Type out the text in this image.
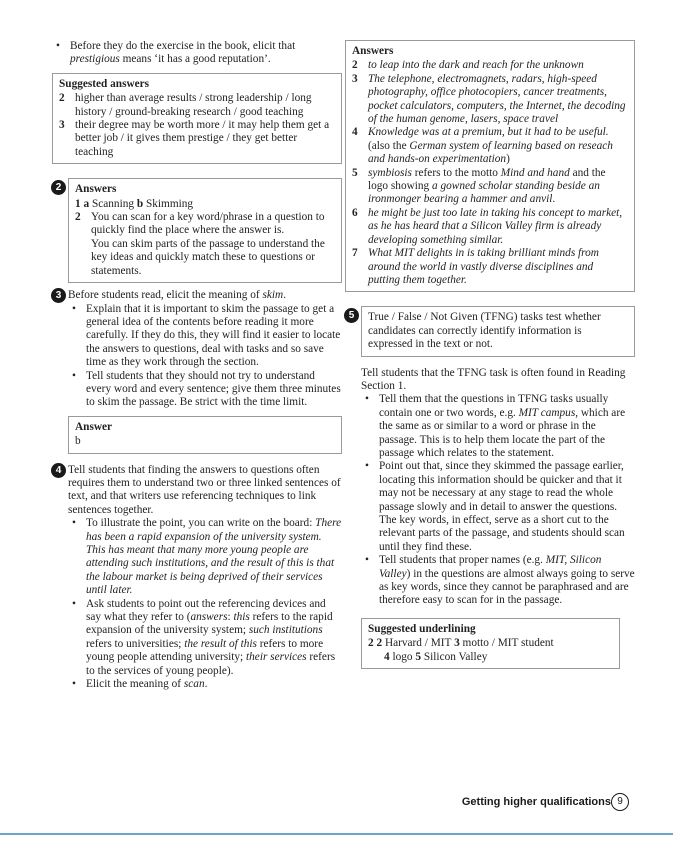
• Before they do the exercise in the book, elicit that prestigious means ‘it has a good reputation’.
Suggested answers
2 higher than average results / strong leadership / long history / ground-breaking research / good teaching
3 their degree may be worth more / it may help them get a better job / it gives them prestige / they get better teaching
2	Answers

1 a Scanning b Skimming

2 You can scan for a key word/phrase in a question to quickly find the place where the answer is.

You can skim parts of the passage to understand the key ideas and quickly match these to questions or statements.

3 Before students read, elicit the meaning of skim.

• Explain that it is important to skim the passage to get a general idea of the contents before reading it more carefully. If they do this, they will find it easier to locate the answers to questions, deal with tasks and so save time as they work through the section.
• Tell students that they should not try to understand every word and every sentence; give them three minutes to skim the passage. Be strict with the time limit.
Answer

b

4 Tell students that finding the answers to questions often requires them to understand two or three linked sentences of text, and that writers use referencing techniques to link sentences together.

• To illustrate the point, you can write on the board: There has been a rapid expansion of the university system. This has meant that many more young people are attending such institutions, and the result of this is that the labour market is being deprived of their services until later.
• Ask students to point out the referencing devices and say what they refer to (answers: this refers to the rapid expansion of the university system; such institutions refers to universities; the result of this refers to more young people attending university; their services refers to the services of young people).
• Elicit the meaning of scan.
Answers
2 to leap into the dark and reach for the unknown
3 The telephone, electromagnets, radars, high-speed photography, office photocopiers, cancer treatments, pocket calculators, computers, the Internet, the decoding of the human genome, lasers, space travel
4 Knowledge was at a premium, but it had to be useful. (also the German system of learning based on reseach and hands-on experimentation)
5 symbiosis refers to the motto Mind and hand and the logo showing a gowned scholar standing beside an ironmonger bearing a hammer and anvil.
6 he might be just too late in taking his concept to market, as he has heard that a Silicon Valley firm is already developing something similar.
7 What MIT delights in is taking brilliant minds from around the world in vastly diverse disciplines and putting them together.
5	True / False / Not Given (TFNG) tasks test whether candidates can correctly identify information is expressed in the text or not.

Tell students that the TFNG task is often found in Reading Section 1.

• Tell them that the questions in TFNG tasks usually contain one or two words, e.g. MIT campus, which are the same as or similar to a word or phrase in the passage. This is to help them locate the part of the passage which relates to the statement.
• Point out that, since they skimmed the passage earlier, locating this information should be quicker and that it may not be necessary at any stage to read the whole passage slowly and in detail to answer the questions. The key words, in effect, serve as a short cut to the relevant parts of the passage, and students should scan until they find these.
• Tell students that proper names (e.g. MIT, Silicon Valley) in the questions are almost always going to serve as key words, since they cannot be paraphrased and are therefore easy to scan for in the passage.
Suggested underlining

2 2 Harvard / MIT 3 motto / MIT student

4 logo 5 Silicon Valley

Getting higher qualifications 9
